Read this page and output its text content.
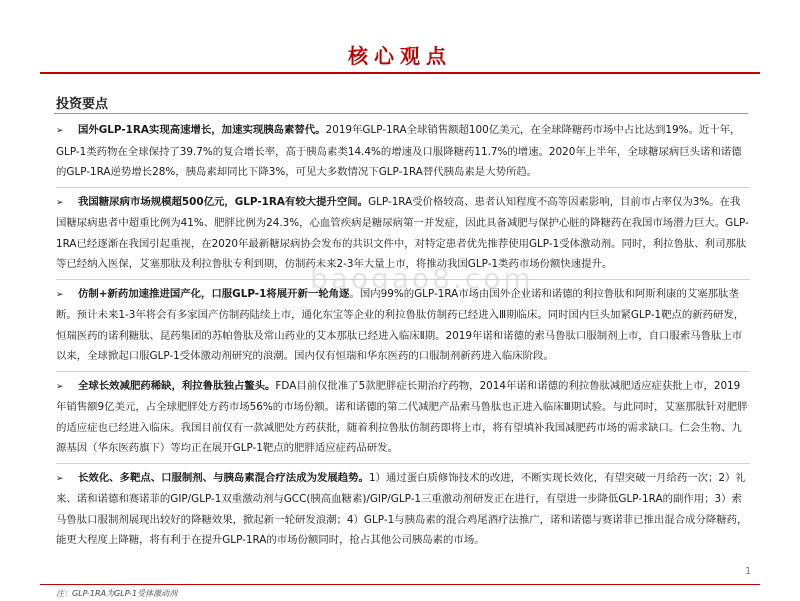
核心观点
投资要点
➢ 国外GLP-1RA实现高速增长，加速实现胰岛素替代。2019年GLP-1RA全球销售额超100亿美元，在全球降糖药市场中占比达到19%。近十年，GLP-1类药物在全球保持了39.7%的复合增长率，高于胰岛素类14.4%的增速及口服降糖药11.7%的增速。2020年上半年，全球糖尿病巨头诺和诺德的GLP-1RA逆势增长28%，胰岛素却同比下降3%，可见大多数情况下GLP-1RA替代胰岛素是大势所趋。
➢ 我国糖尿病市场规模超500亿元，GLP-1RA有较大提升空间。GLP-1RA受价格较高、患者认知程度不高等因素影响，目前市占率仅为3%。在我国糖尿病患者中超重比例为41%、肥胖比例为24.3%，心血管疾病是糖尿病第一并发症，因此具备减肥与保护心脏的降糖药在我国市场潜力巨大。GLP-1RA已经逐渐在我国引起重视，在2020年最新糖尿病协会发布的共识文件中，对特定患者优先推荐使用GLP-1受体激动剂。同时，利拉鲁肽、利司那肽等已经纳入医保，艾塞那肽及利拉鲁肽专利到期，仿制药未来2-3年大量上市，将推动我国GLP-1类药市场份额快速提升。
➢ 仿制+新药加速推进国产化，口服GLP-1将展开新一轮角逐。国内99%的GLP-1RA市场由国外企业诺和诺德的利拉鲁肽和阿斯利康的艾塞那肽垄断。预计未来1-3年将会有多家国产仿制药陆续上市，通化东宝等企业的利拉鲁肽仿制药已经进入Ⅲ期临床。同时国内巨头加紧GLP-1靶点的新药研发，恒瑞医药的诺利糖肽、昆药集团的苏帕鲁肽及常山药业的艾本那肽已经进入临床Ⅱ期。2019年诺和诺德的索马鲁肽口服制剂上市，自口服索马鲁肽上市以来，全球掀起口服GLP-1受体激动剂研究的浪潮。国内仅有恒瑞和华东医药的口服制剂新药进入临床阶段。
➢ 全球长效减肥药稀缺，利拉鲁肽独占鳌头。FDA目前仅批准了5款肥胖症长期治疗药物，2014年诺和诺德的利拉鲁肽减肥适应症获批上市，2019年销售额9亿美元，占全球肥胖处方药市场56%的市场份额。诺和诺德的第二代减肥产品索马鲁肽也正进入临床Ⅲ期试验。与此同时，艾塞那肽针对肥胖的适应症也已经进入临床。我国目前仅有一款减肥处方药获批，随着利拉鲁肽仿制药即将上市，将有望填补我国减肥药市场的需求缺口。仁会生物、九源基因（华东医药旗下）等均正在展开GLP-1靶点的肥胖适应症药品研发。
➢ 长效化、多靶点、口服制剂、与胰岛素混合疗法成为发展趋势。1）通过蛋白质修饰技术的改进，不断实现长效化，有望突破一月给药一次；2）礼来、诺和诺德和赛诺菲的GIP/GLP-1双重激动剂与GCC(胰高血糖素)/GIP/GLP-1三重激动剂研发正在进行，有望进一步降低GLP-1RA的副作用；3）索马鲁肽口服制剂展现出较好的降糖效果，掀起新一轮研发浪潮；4）GLP-1与胰岛素的混合鸡尾酒疗法推广，诺和诺德与赛诺菲已推出混合成分降糖药，能更大程度上降糖，将有利于在提升GLP-1RA的市场份额同时，抢占其他公司胰岛素的市场。
baogao8.com
1
注：GLP-1RA为GLP-1受体激动剂
